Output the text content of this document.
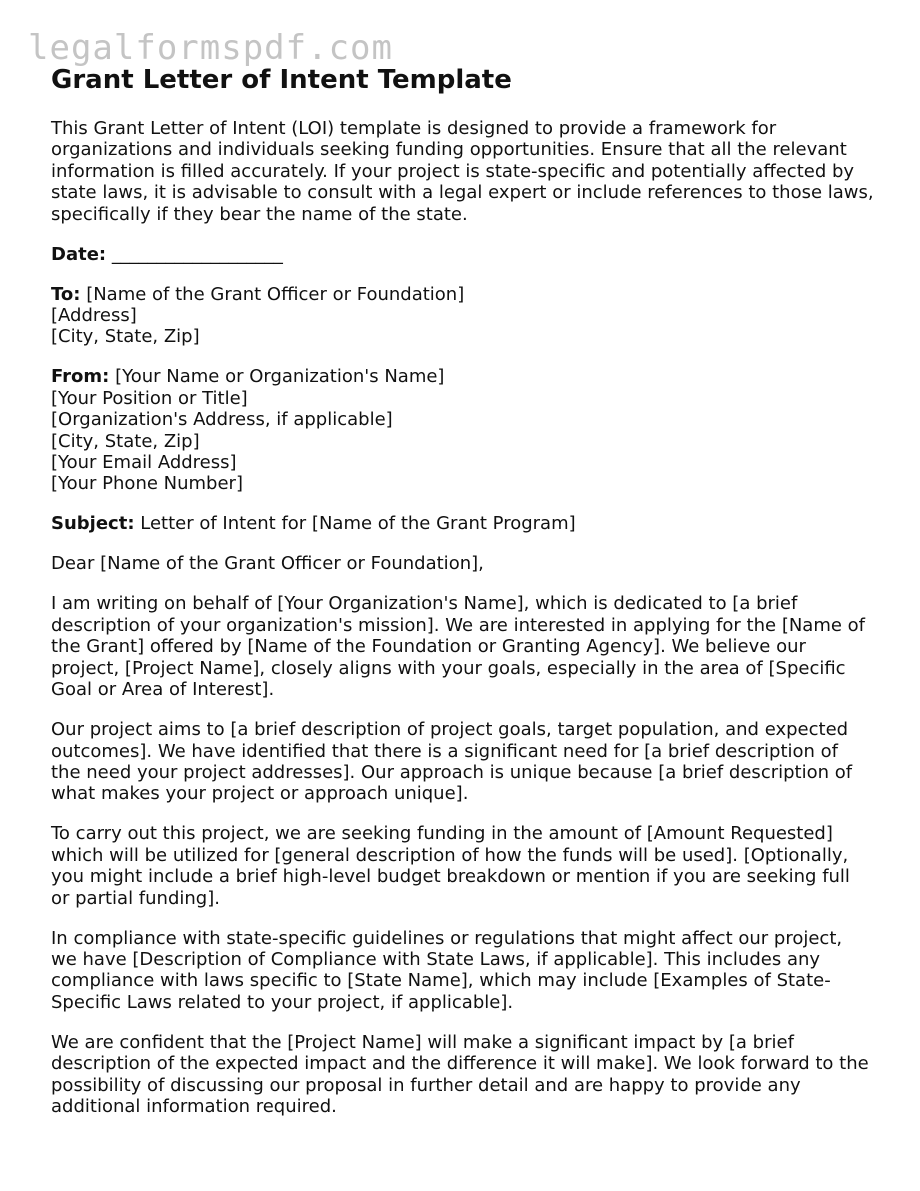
legalformspdf.com
Grant Letter of Intent Template

This Grant Letter of Intent (LOI) template is designed to provide a framework for
organizations and individuals seeking funding opportunities. Ensure that all the relevant
information is filled accurately. If your project is state-specific and potentially affected by
state laws, it is advisable to consult with a legal expert or include references to those laws,
specifically if they bear the name of the state.

Date: ___________________

To: [Name of the Grant Officer or Foundation]
[Address]
[City, State, Zip]

From: [Your Name or Organization's Name]
[Your Position or Title]
[Organization's Address, if applicable]
[City, State, Zip]
[Your Email Address]
[Your Phone Number]

Subject: Letter of Intent for [Name of the Grant Program]

Dear [Name of the Grant Officer or Foundation],

I am writing on behalf of [Your Organization's Name], which is dedicated to [a brief
description of your organization's mission]. We are interested in applying for the [Name of
the Grant] offered by [Name of the Foundation or Granting Agency]. We believe our
project, [Project Name], closely aligns with your goals, especially in the area of [Specific
Goal or Area of Interest].

Our project aims to [a brief description of project goals, target population, and expected
outcomes]. We have identified that there is a significant need for [a brief description of
the need your project addresses]. Our approach is unique because [a brief description of
what makes your project or approach unique].

To carry out this project, we are seeking funding in the amount of [Amount Requested]
which will be utilized for [general description of how the funds will be used]. [Optionally,
you might include a brief high-level budget breakdown or mention if you are seeking full
or partial funding].

In compliance with state-specific guidelines or regulations that might affect our project,
we have [Description of Compliance with State Laws, if applicable]. This includes any
compliance with laws specific to [State Name], which may include [Examples of State-
Specific Laws related to your project, if applicable].

We are confident that the [Project Name] will make a significant impact by [a brief
description of the expected impact and the difference it will make]. We look forward to the
possibility of discussing our proposal in further detail and are happy to provide any
additional information required.
